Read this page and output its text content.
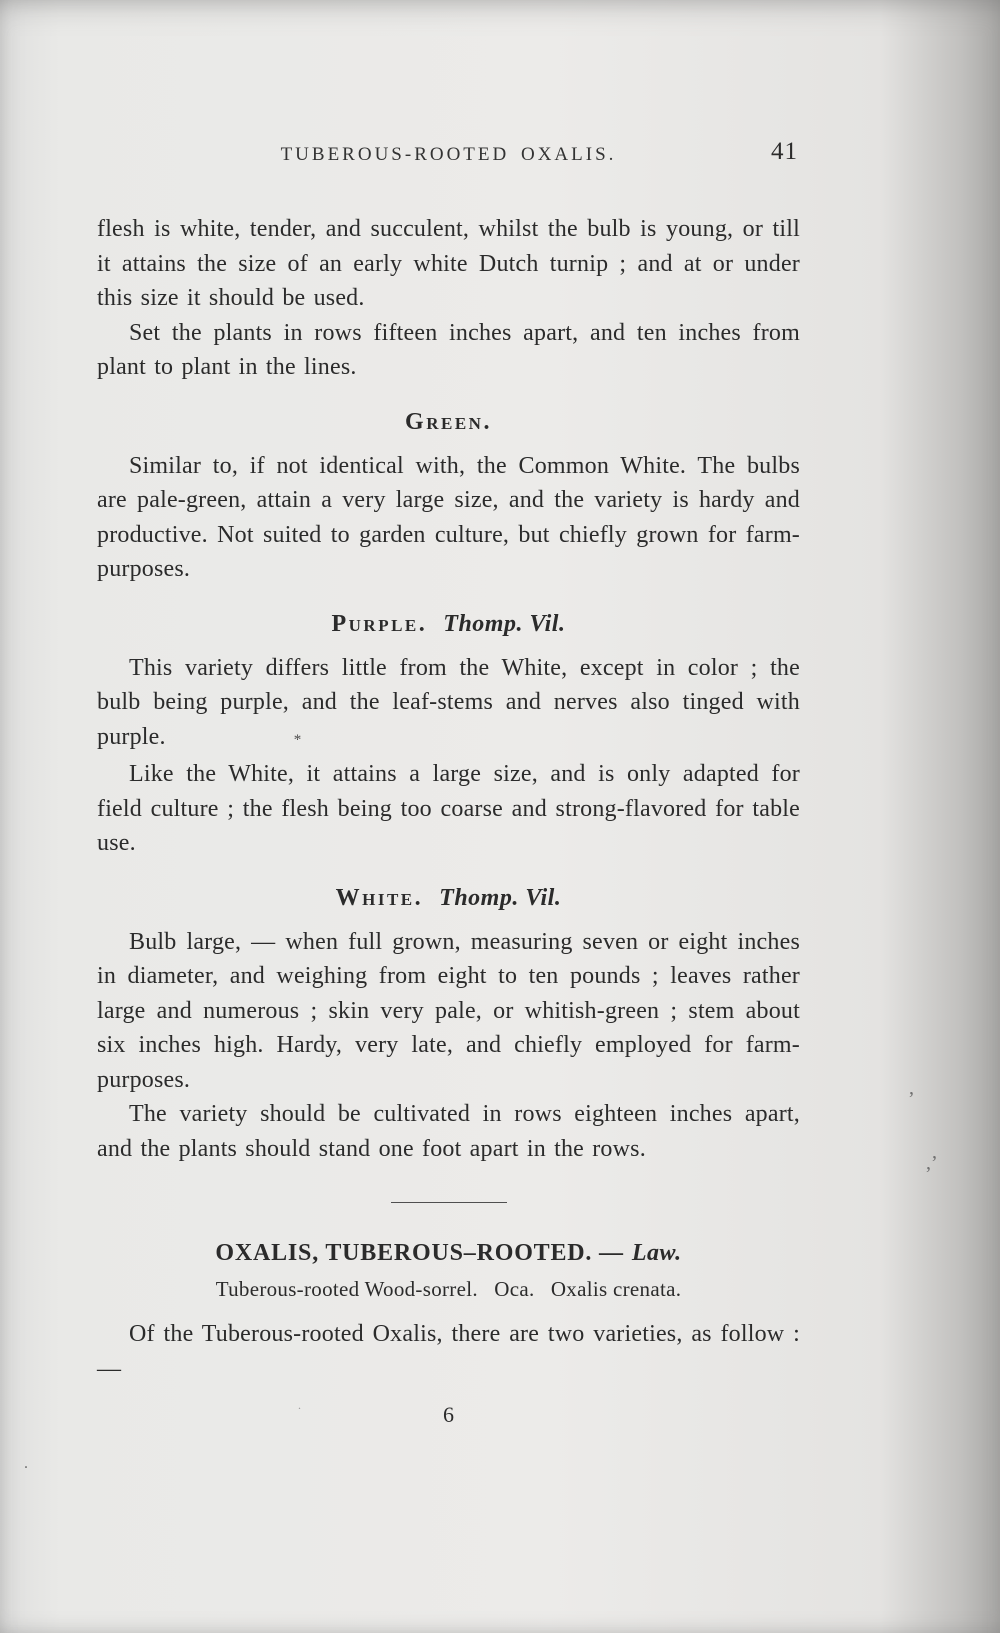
TUBEROUS-ROOTED OXALIS.	41

flesh is white, tender, and succulent, whilst the bulb is young, or till it attains the size of an early white Dutch turnip ; and at or under this size it should be used.

Set the plants in rows fifteen inches apart, and ten inches from plant to plant in the lines.

Green.

Similar to, if not identical with, the Common White. The bulbs are pale-green, attain a very large size, and the variety is hardy and productive. Not suited to garden culture, but chiefly grown for farm-purposes.

Purple. Thomp. Vil.

This variety differs little from the White, except in color ; the bulb being purple, and the leaf-stems and nerves also tinged with purple.	*

Like the White, it attains a large size, and is only adapted for field culture ; the flesh being too coarse and strong-flavored for table use.

White. Thomp. Vil.

Bulb large, — when full grown, measuring seven or eight inches in diameter, and weighing from eight to ten pounds ; leaves rather large and numerous ; skin very pale, or whitish-green ; stem about six inches high. Hardy, very late, and chiefly employed for farm-purposes.

The variety should be cultivated in rows eighteen inches apart, and the plants should stand one foot apart in the rows.

OXALIS, TUBEROUS–ROOTED. — Law.
Tuberous-rooted Wood-sorrel.  Oca.  Oxalis crenata.

Of the Tuberous-rooted Oxalis, there are two varieties, as follow : —

6
’
,’
.
.
